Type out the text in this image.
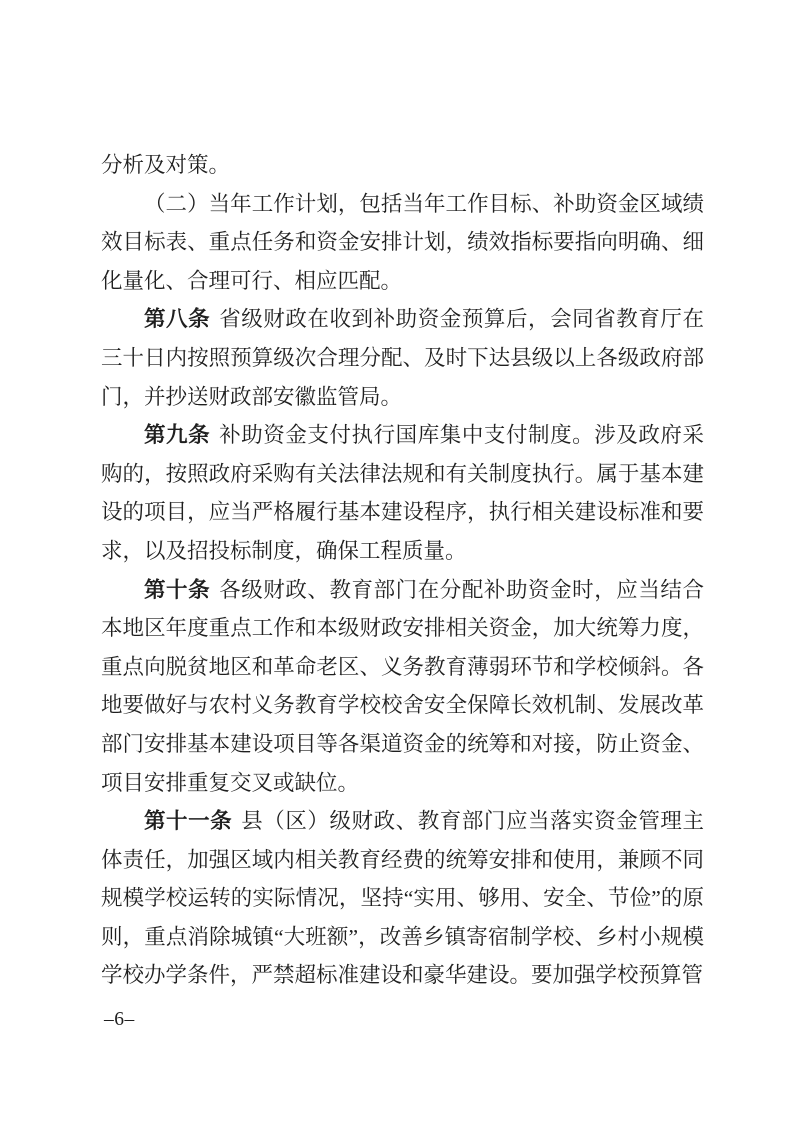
分析及对策。

（二）当年工作计划，包括当年工作目标、补助资金区域绩效目标表、重点任务和资金安排计划，绩效指标要指向明确、细化量化、合理可行、相应匹配。

第八条 省级财政在收到补助资金预算后，会同省教育厅在三十日内按照预算级次合理分配、及时下达县级以上各级政府部门，并抄送财政部安徽监管局。

第九条 补助资金支付执行国库集中支付制度。涉及政府采购的，按照政府采购有关法律法规和有关制度执行。属于基本建设的项目，应当严格履行基本建设程序，执行相关建设标准和要求，以及招投标制度，确保工程质量。

第十条 各级财政、教育部门在分配补助资金时，应当结合本地区年度重点工作和本级财政安排相关资金，加大统筹力度，重点向脱贫地区和革命老区、义务教育薄弱环节和学校倾斜。各地要做好与农村义务教育学校校舍安全保障长效机制、发展改革部门安排基本建设项目等各渠道资金的统筹和对接，防止资金、项目安排重复交叉或缺位。

第十一条 县（区）级财政、教育部门应当落实资金管理主体责任，加强区域内相关教育经费的统筹安排和使用，兼顾不同规模学校运转的实际情况，坚持“实用、够用、安全、节俭”的原则，重点消除城镇“大班额”，改善乡镇寄宿制学校、乡村小规模学校办学条件，严禁超标准建设和豪华建设。要加强学校预算管

–6–
